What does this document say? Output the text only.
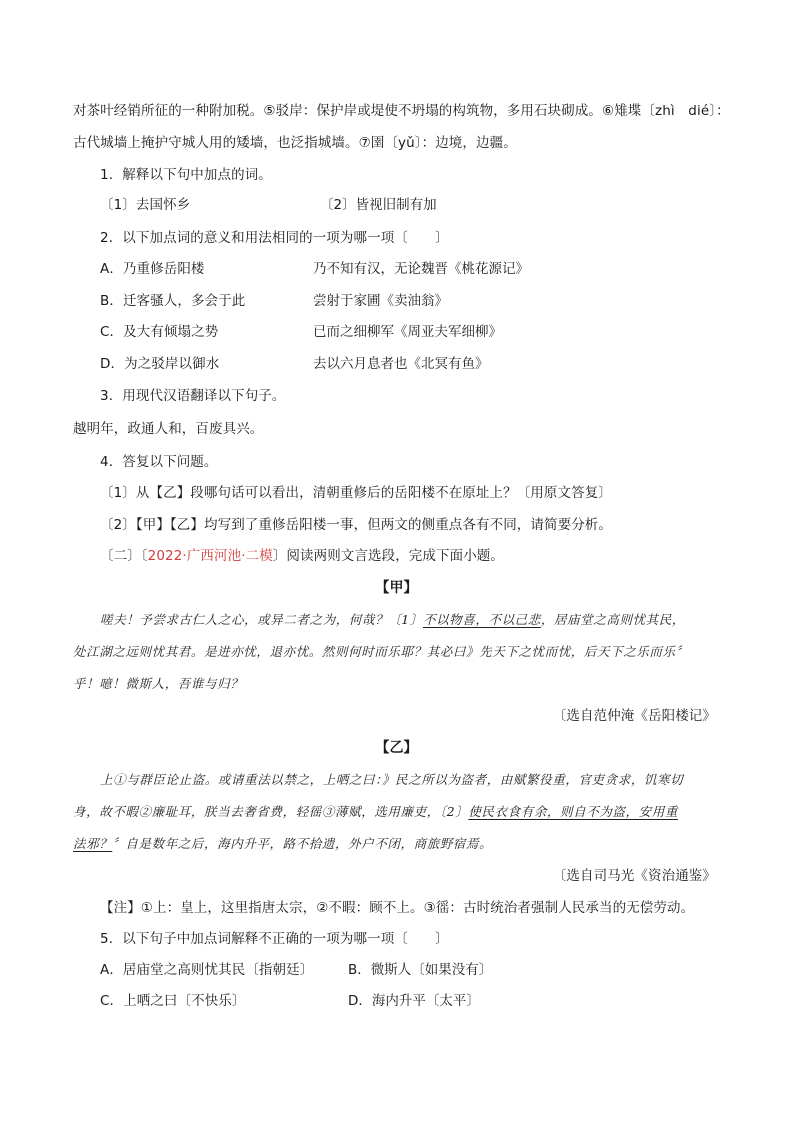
对茶叶经销所征的一种附加税。⑤驳岸：保护岸或堤使不坍塌的构筑物，多用石块砌成。⑥雉堞〔zhì　dié〕：
古代城墙上掩护守城人用的矮墙，也泛指城墙。⑦圉〔yǔ〕：边境，边疆。
1．解释以下句中加点的词。
〔1〕去国怀乡	〔2〕皆视旧制有加
2．以下加点词的意义和用法相同的一项为哪一项〔　　〕
A．乃重修岳阳楼	乃不知有汉，无论魏晋《桃花源记》
B．迁客骚人，多会于此	尝射于家圃《卖油翁》
C．及大有倾塌之势	已而之细柳军《周亚夫军细柳》
D．为之驳岸以御水	去以六月息者也《北冥有鱼》
3．用现代汉语翻译以下句子。
越明年，政通人和，百废具兴。
4．答复以下问题。
〔1〕从【乙】段哪句话可以看出，清朝重修后的岳阳楼不在原址上？〔用原文答复〕
〔2〕【甲】【乙】均写到了重修岳阳楼一事，但两文的侧重点各有不同，请简要分析。
〔二〕〔2022·广西河池·二模〕阅读两则文言选段，完成下面小题。
【甲】
嗟夫！予尝求古仁人之心，或异二者之为，何哉？〔1〕不以物喜，不以己悲，居庙堂之高则忧其民，
处江湖之远则忧其君。是进亦忧，退亦忧。然则何时而乐耶？其必曰》先天下之忧而忧，后天下之乐而乐〞
乎！噫！微斯人，吾谁与归？
〔选自范仲淹《岳阳楼记》
【乙】
上①与群臣论止盗。或请重法以禁之，上哂之曰：》民之所以为盗者，由赋繁役重，官吏贪求，饥寒切
身，故不暇②廉耻耳，朕当去奢省费，轻徭③薄赋，选用廉吏，〔2〕使民衣食有余，则自不为盗，安用重
法邪？〞自是数年之后，海内升平，路不拾遗，外户不闭，商旅野宿焉。
〔选自司马光《资治通鉴》
【注】①上：皇上，这里指唐太宗，②不暇：顾不上。③徭：古时统治者强制人民承当的无偿劳动。
5．以下句子中加点词解释不正确的一项为哪一项〔　　〕
A．居庙堂之高则忧其民〔指朝廷〕	B．微斯人〔如果没有〕
C．上哂之曰〔不快乐〕	D．海内升平〔太平〕
